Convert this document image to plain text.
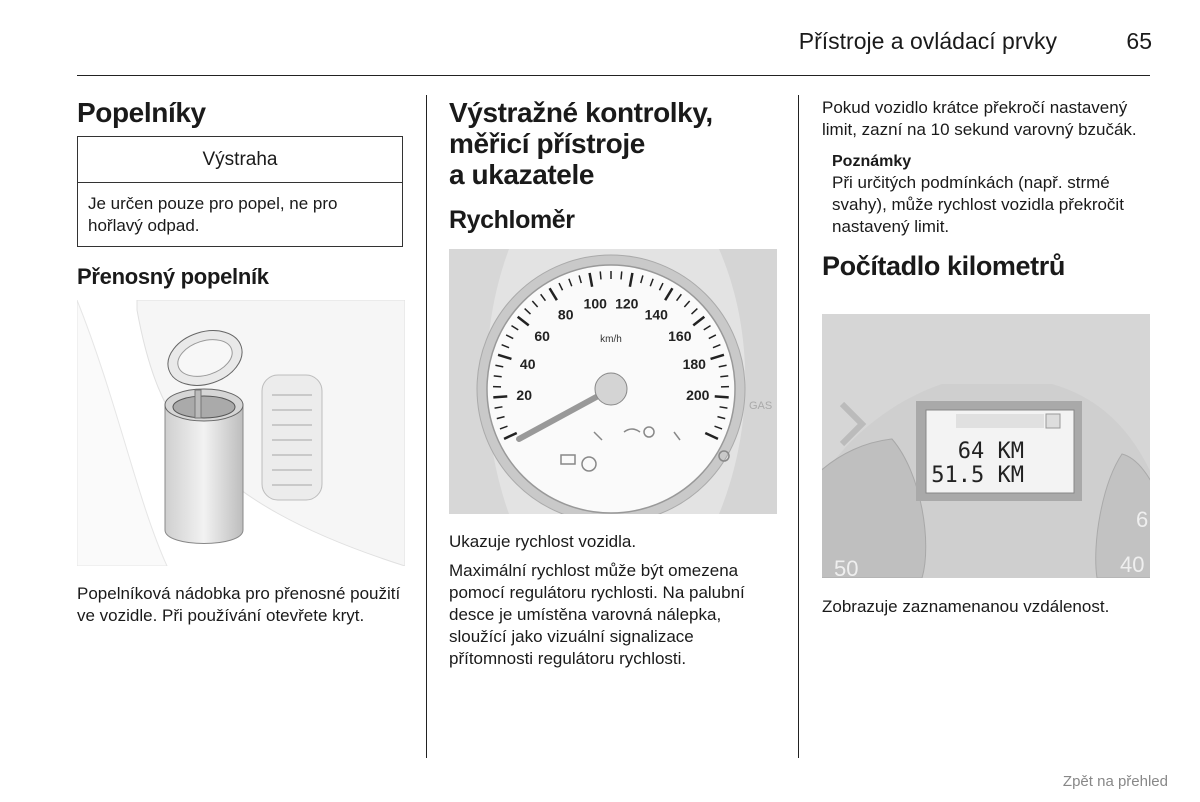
Přístroje a ovládací prvky	65
Popelníky
Výstraha
Je určen pouze pro popel, ne pro hořlavý odpad.
Přenosný popelník

Popelníková nádobka pro přenosné použití ve vozidle. Při používání otevřete kryt.

Výstražné kontrolky,
měřicí přístroje
a ukazatele
Rychloměr
20
40
60
80
100 120
140
160
180
200
km/h
GAS

Ukazuje rychlost vozidla.

Maximální rychlost může být omezena pomocí regulátoru rychlosti. Na palubní desce je umístěna varovná nálepka, sloužící jako vizuální signalizace přítomnosti regulátoru rychlosti.

Pokud vozidlo krátce překročí nastavený limit, zazní na 10 sekund varovný bzučák.

Poznámky

Při určitých podmínkách (např. strmé svahy), může rychlost vozidla překročit nastavený limit.

Počítadlo kilometrů
64 KM
51.5 KM
50	40
6

Zobrazuje zaznamenanou vzdálenost.

Zpět na přehled
